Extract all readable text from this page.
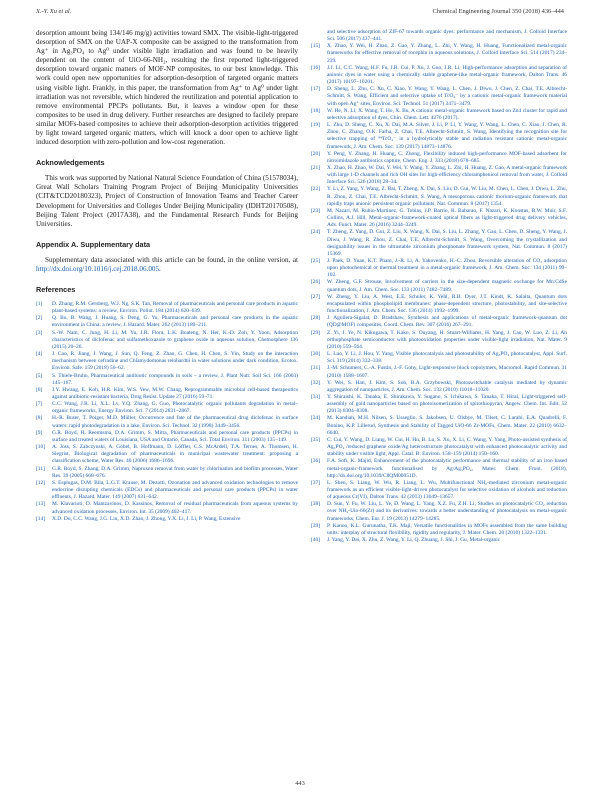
X.-Y. Xu et al.	Chemical Engineering Journal 350 (2018) 436–444

desorption amount being 134/146 mg/g) activities toward SMX. The visible-light-triggered desorption of SMX on the UAP-X composite can be assigned to the transformation from Ag⁺ in Ag₃PO₄ to Ag⁰ under visible light irradiation and was found to be heavily dependent on the content of UiO-66-NH₂, resulting the first reported light-triggered desorption toward organic matters of MOF-NP composites, to our best knowledge. This work could open new opportunities for adsorption-desorption of targeted organic matters using visible light. Frankly, in this paper, the transformation from Ag⁺ to Ag⁰ under light irradiation was not reversible, which hindered the reutilization and potential application to remove environmental PPCPs pollutants. But, it leaves a window open for these composites to be used in drug delivery. Further researches are designed to facilely prepare similar MOFs-based composites to achieve their adsorption-desorption activities triggered by light toward targeted organic matters, which will knock a door open to achieve light induced desorption with zero-pollution and low-cost regeneration.

Acknowledgements

This work was supported by National Natural Science Foundation of China (51578034), Great Wall Scholars Training Program Project of Beijing Municipality Universities (CIT&TCD20180323), Project of Construction of Innovation Teams and Teacher Career Development for Universities and Colleges Under Beijing Municipality (IDHT20170508), Beijing Talent Project (2017A38), and the Fundamental Research Funds for Beijing Universities.

Appendix A. Supplementary data

Supplementary data associated with this article can be found, in the online version, at http://dx.doi.org/10.1016/j.cej.2018.06.005.

References
[1] D. Zhang, R.M. Gersberg, W.J. Ng, S.K. Tan, Removal of pharmaceuticals and personal care products in aquatic plant-based systems: a review, Environ. Pollut. 184 (2014) 620–639.
[2] Q. Bu, B. Wang, J. Huang, S. Deng, G. Yu, Pharmaceuticals and personal care products in the aquatic environment in China: a review, J. Hazard. Mater. 262 (2013) 189–211.
[3] S.-W. Nam, C. Jung, H. Li, M. Yu, J.R. Flora, L.K. Boateng, N. Her, K.-D. Zoh, Y. Yoon, Adsorption characteristics of diclofenac and sulfamethoxazole to graphene oxide in aqueous solution, Chemosphere 136 (2015) 20–26.
[4] J. Cao, R. Jiang, J. Wang, J. Sun, Q. Feng, Z. Zhao, G. Chen, H. Chen, S. Yin, Study on the interaction mechanism between cefradine and Chlamydomonas reinhardtii in water solutions under dark condition, Ecotox. Environ. Safe. 159 (2018) 56–62.
[5] S. Thiele-Bruhn, Pharmaceutical antibiotic compounds in soils – a review, J. Plant Nutr. Soil Sci. 166 (2003) 145–167.
[6] J.Y. Hwang, E. Koh, H.R. Kim, W.S. Yew, M.W. Chang, Reprogrammable microbial cell-based therapeutics against antibiotic-resistant bacteria, Drug Resist. Update 27 (2016) 59–71.
[7] C.C. Wang, J.R. Li, X.L. Lv, Y.Q. Zhang, G. Guo, Photocatalytic organic pollutants degradation in metal–organic frameworks, Energy Environ. Sci. 7 (2014) 2831–2867.
[8] H.-R. Buser, T. Poiger, M.D. Müller, Occurrence and fate of the pharmaceutical drug diclofenac in surface waters: rapid photodegradation in a lake, Environ. Sci. Technol. 32 (1998) 3449–3456.
[9] G.R. Boyd, H. Reemtsma, D.A. Grimm, S. Mitra, Pharmaceuticals and personal care products (PPCPs) in surface and treated waters of Louisiana, USA and Ontario, Canada, Sci. Total Environ. 311 (2003) 135–149.
[10] A. Joss, S. Zabczynski, A. Göbel, B. Hoffmann, D. Löffler, C.S. McArdell, T.A. Ternes, A. Thomsen, H. Siegrist, Biological degradation of pharmaceuticals in municipal wastewater treatment: proposing a classification scheme, Water Res. 40 (2006) 1686–1696.
[11] G.R. Boyd, S. Zhang, D.A. Grimm, Naproxen removal from water by chlorination and biofilm processes, Water Res. 39 (2005) 668–676.
[12] S. Esplugas, D.M. Bila, L.G.T. Krause, M. Dezotti, Ozonation and advanced oxidation technologies to remove endocrine disrupting chemicals (EDCs) and pharmaceuticals and personal care products (PPCPs) in water effluents, J. Hazard. Mater. 149 (2007) 631–642.
[13] M. Klavarioti, D. Mantzavinos, D. Kassinos, Removal of residual pharmaceuticals from aqueous systems by advanced oxidation processes, Environ. Int. 35 (2009) 402–417.
[14] X.D. Du, C.C. Wang, J.G. Liu, X.D. Zhao, J. Zhong, Y.X. Li, J. Li, P. Wang, Extensive
and selective adsorption of ZIF-67 towards organic dyes: performance and mechanism, J. Colloid Interface Sci. 506 (2017) 437–441.
[15] X. Zhao, Y. Wei, H. Zhao, Z. Gao, Y. Zhang, L. Zhi, Y. Wang, H. Huang, Functionalized metal-organic frameworks for effective removal of rocephin in aqueous solutions, J. Colloid Interface Sci. 514 (2017) 234–239.
[16] J.J. Li, C.C. Wang, H.F. Fu, J.R. Cui, P. Xu, J. Guo, J.R. Li, High-performance adsorption and separation of anionic dyes in water using a chemically stable graphene-like metal-organic framework, Dalton Trans. 46 (2017) 10197–10201.
[17] D. Sheng, L. Zhu, C. Xu, C. Xiao, Y. Wang, Y. Wang, L. Chen, J. Diwu, J. Chen, Z. Chai, T.E. Albrecht-Schmitt, S. Wang, Efficient and selective uptake of TcO₄⁻ by a cationic metal-organic framework material with open Ag⁺ sites, Environ. Sci. Technol. 51 (2017) 3471–3479.
[18] W. He, N. Li, X. Wang, T. Ho, X. Bu, A cationic metal-organic framework based on Zn4 cluster for rapid and selective adsorption of dyes, Chin. Chem. Lett. 4276 (2017).
[19] L. Zhu, D. Sheng, C. Xu, X. Dai, M.A. Silver, J. Li, P. Li, Y. Wang, Y. Wang, L. Chen, C. Xiao, J. Chen, R. Zhou, C. Zhang, O.K. Farha, Z. Chai, T.E. Albrecht-Schmitt, S. Wang, Identifying the recognition site for selective trapping of ⁹⁹TcO₄⁻ in a hydrolytically stable and radiation resistant cationic metal-organic framework, J. Am. Chem. Soc. 139 (2017) 14873–14876.
[20] Y. Peng, Y. Zhang, H. Huang, C. Zhong, Flexibility induced high-performance MOF-based adsorbent for nitroimidazole antibiotics capture, Chem. Eng. J. 333 (2018) 678–685.
[21] X. Zhao, H. Zhao, W. Dai, Y. Wei, Y. Wang, Y. Zhang, L. Zhi, H. Huang, Z. Gao, A metal-organic framework with large 1-D channels and rich OH sites for high-efficiency chloramphenicol removal from water, J. Colloid Interface Sci. 526 (2018) 28–34.
[22] Y. Li, Z. Yang, Y. Wang, Z. Bai, T. Zheng, X. Dai, S. Liu, D. Gui, W. Liu, M. Chen, L. Chen, J. Diwu, L. Zhu, R. Zhou, Z. Chai, T.E. Albrecht-Schmitt, S. Wang, A mesoporous cationic thorium-organic framework that rapidly traps anionic persistent organic pollutants, Nat. Commun. 8 (2017) 1354.
[23] M. Nazari, M. Rubio-Martinez, G. Tobias, J.P. Barrio, R. Babarao, F. Nazari, K. Konstas, B.W. Muir, S.F. Collins, A.J. Hill, Metal-organic-framework-coated optical fibers as light-triggered drug delivery vehicles, Adv. Funct. Mater. 26 (2016) 3244–3249.
[24] T. Zheng, Z. Yang, D. Gui, Z. Liu, X. Wang, X. Dai, S. Liu, L. Zhang, Y. Gao, L. Chen, D. Sheng, Y. Wang, J. Diwu, J. Wang, R. Zhou, Z. Chai, T.E. Albrecht-Schmitt, S. Wang, Overcoming the crystallization and designability issues in the ultrastable zirconium phosphonate framework system, Nat. Commun. 8 (2017) 15369.
[25] J. Paek, D. Yuan, K.T. Pham, J.-R. Li, A. Yakovenko, H.-C. Zhou, Reversible alteration of CO₂ adsorption upon photochemical or thermal treatment in a metal-organic framework, J. Am. Chem. Soc. 134 (2011) 99–102.
[26] W. Zheng, G.F. Strouse, Involvement of carriers in the size-dependent magnetic exchange for Mn:CdSe quantum dots, J. Am. Chem. Soc. 133 (2011) 7482–7489.
[27] W. Zheng, Y. Liu, A. West, E.E. Schuler, K. Yehl, R.B. Dyer, J.T. Kindt, K. Salaita, Quantum dots encapsulated within phospholipid membranes: phase-dependent structure, photostability, and site-selective functionalization, J. Am. Chem. Soc. 136 (2014) 1992–1999.
[28] J. Aguilera-Sigalat, D. Bradshaw, Synthesis and applications of metal-organic framework-quantum dot (QD@MOF) composites, Coord. Chem. Rev. 307 (2016) 267–291.
[29] Z. Yi, J. Ye, N. Kikugawa, T. Kako, S. Ouyang, H. Stuart-Williams, H. Yang, J. Cao, W. Luo, Z. Li, An orthophosphate semiconductor with photooxidation properties under visible-light irradiation, Nat. Mater. 9 (2010) 559–564.
[30] L. Luo, Y. Li, J. Hou, Y. Yang, Visible photocatalysis and photostability of Ag₃PO₄ photocatalyst, Appl. Surf. Sci. 319 (2014) 332–338.
[31] J.-M. Schumers, C.-A. Fustin, J.-F. Gohy, Light-responsive block copolymers, Macromol. Rapid Commun. 31 (2010) 1588–1607.
[32] Y. Wei, S. Han, J. Kim, S. Soh, B.A. Grzybowski, Photoswitchable catalysis mediated by dynamic aggregation of nanoparticles, J. Am. Chem. Soc. 132 (2010) 11018–11020.
[33] Y. Shiraishi, K. Tanaka, E. Shirakawa, Y. Sugano, S. Ichikawa, S. Tanaka, T. Hirai, Light-triggered self-assembly of gold nanoparticles based on photoisomerization of spirothiopyran, Angew. Chem. Int. Edit. 52 (2013) 8304–8308.
[34] M. Kandiah, M.H. Nilsen, S. Usseglio, S. Jakobsen, U. Olsbye, M. Tilset, C. Larabi, E.A. Quadrelli, F. Bonino, K.P. Lillerud, Synthesis and Stability of Tagged UiO-66 Zr-MOFs, Chem. Mater. 22 (2010) 6632–6640.
[35] C. Cui, Y. Wang, D. Liang, W. Cui, H. Hu, B. Lu, S. Xu, X. Li, C. Wang, Y. Yang, Photo-assisted synthesis of Ag₃PO₄ /reduced graphene oxide/Ag heterostructure photocatalyst with enhanced photocatalytic activity and stability under visible light, Appl. Catal. B: Environ. 158–159 (2014) 150–160.
[36] F.A. Sofi, K. Majid, Enhancement of the photocatalytic performance and thermal stability of an iron based metal-organic-framework functionalised by Ag/Ag₃PO₄, Mater. Chem. Front. (2018), http://dx.doi.org/10.1039/C8QM00051D.
[37] L. Shen, S. Liang, W. Wu, R. Liang, L. Wu, Multifunctional NH₂-mediated zirconium metal-organic framework as an efficient visible-light-driven photocatalyst for selective oxidation of alcohols and reduction of aqueous Cr(VI), Dalton Trans. 42 (2013) 13649–13657.
[38] D. Sun, Y. Fu, W. Liu, L. Ye, D. Wang, L. Yang, X.Z. Fu, Z.H. Li, Studies on photocatalytic CO₂ reduction over NH₂-Uio-66(Zr) and its derivatives: towards a better understanding of photocatalysis on metal-organic frameworks, Chem. Eur. J. 19 (2013) 14279–14285.
[39] P. Kanoo, K.L. Gurunatha, T.K. Maji, Versatile functionalities in MOFs assembled from the same building units: interplay of structural flexibility, rigidity and regularity, J. Mater. Chem. 20 (2010) 1322–1331.
[40] J. Yang, Y. Dai, X. Zhu, Z. Wang, Y. Li, Q. Zhuang, J. Shi, J. Gu, Metal-organic
443
